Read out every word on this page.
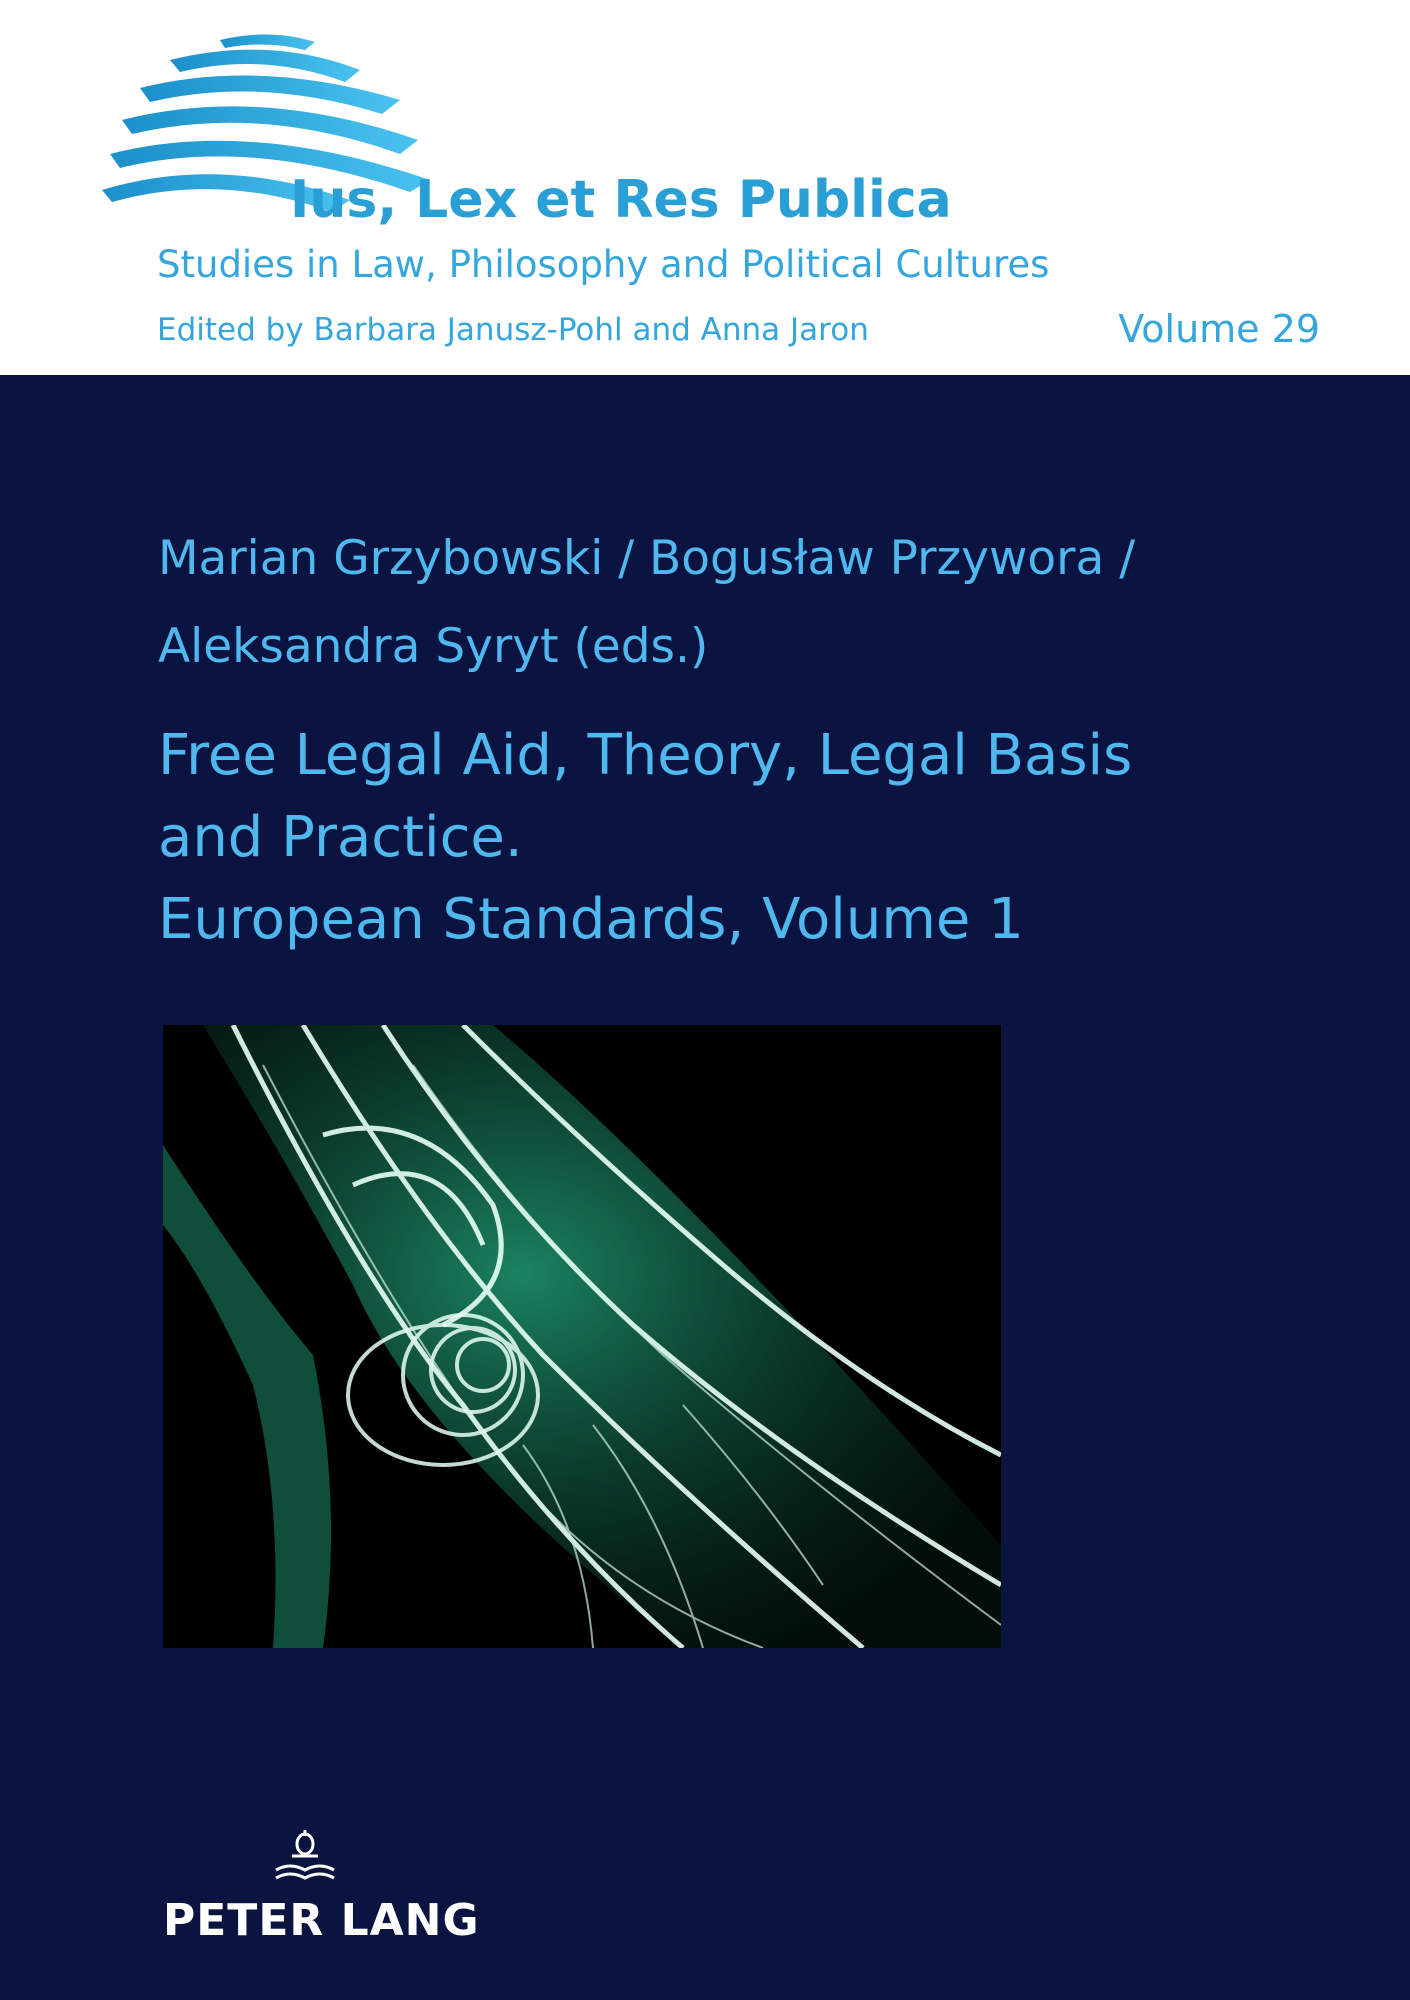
Ius, Lex et Res Publica
Studies in Law, Philosophy and Political Cultures
Edited by Barbara Janusz-Pohl and Anna Jaron	Volume 29
Marian Grzybowski / Bogusław Przywora /
Aleksandra Syryt (eds.)
Free Legal Aid, Theory, Legal Basis
and Practice.
European Standards, Volume 1
PETER LANG
